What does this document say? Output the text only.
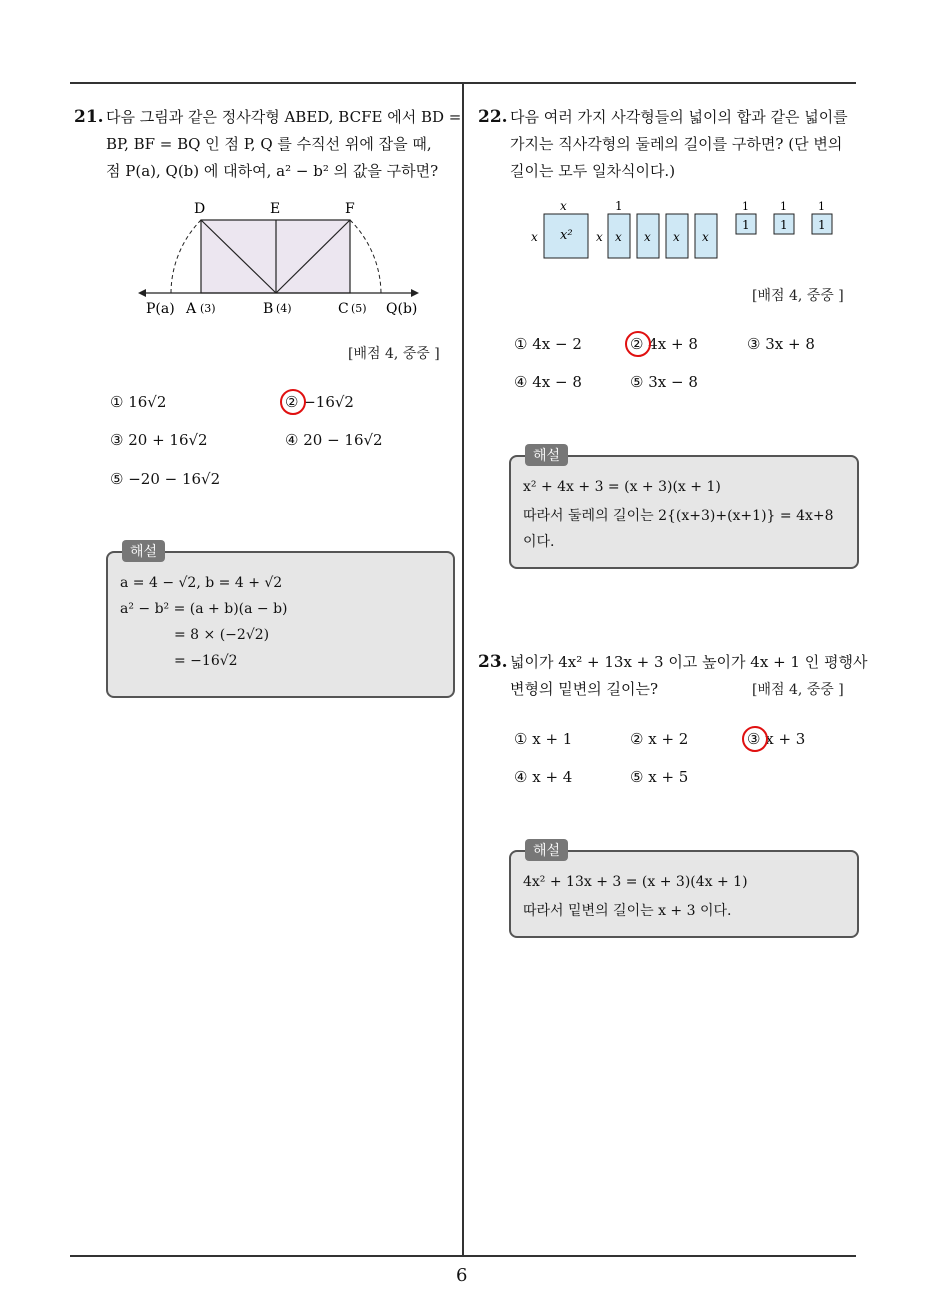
6
21. 다음 그림과 같은 정사각형 ABED, BCFE 에서 BD =
BP, BF = BQ 인 점 P, Q 를 수직선 위에 잡을 때,
점 P(a), Q(b) 에 대하여, a² − b² 의 값을 구하면?
D	E	F
P(a) A (3)	B (4)	C (5) Q(b)
[배점 4, 중중 ]
① 16√2	② −16√2
③ 20 + 16√2	④ 20 − 16√2
⑤ −20 − 16√2
해설
a = 4 − √2, b = 4 + √2
a² − b² = (a + b)(a − b)
= 8 × (−2√2)
= −16√2
22. 다음 여러 가지 사각형들의 넓이의 합과 같은 넓이를
가지는 직사각형의 둘레의 길이를 구하면? (단 변의
길이는 모두 일차식이다.)
x²
x
x
1
x x x x x
1	1	1
1	1	1
[배점 4, 중중 ]
① 4x − 2	② 4x + 8	③ 3x + 8
④ 4x − 8	⑤ 3x − 8
해설
x² + 4x + 3 = (x + 3)(x + 1)
따라서 둘레의 길이는 2{(x+3)+(x+1)} = 4x+8
이다.
23. 넓이가 4x² + 13x + 3 이고 높이가 4x + 1 인 평행사
변형의 밑변의 길이는?	[배점 4, 중중 ]
① x + 1	② x + 2	③ x + 3
④ x + 4	⑤ x + 5
해설
4x² + 13x + 3 = (x + 3)(4x + 1)
따라서 밑변의 길이는 x + 3 이다.
